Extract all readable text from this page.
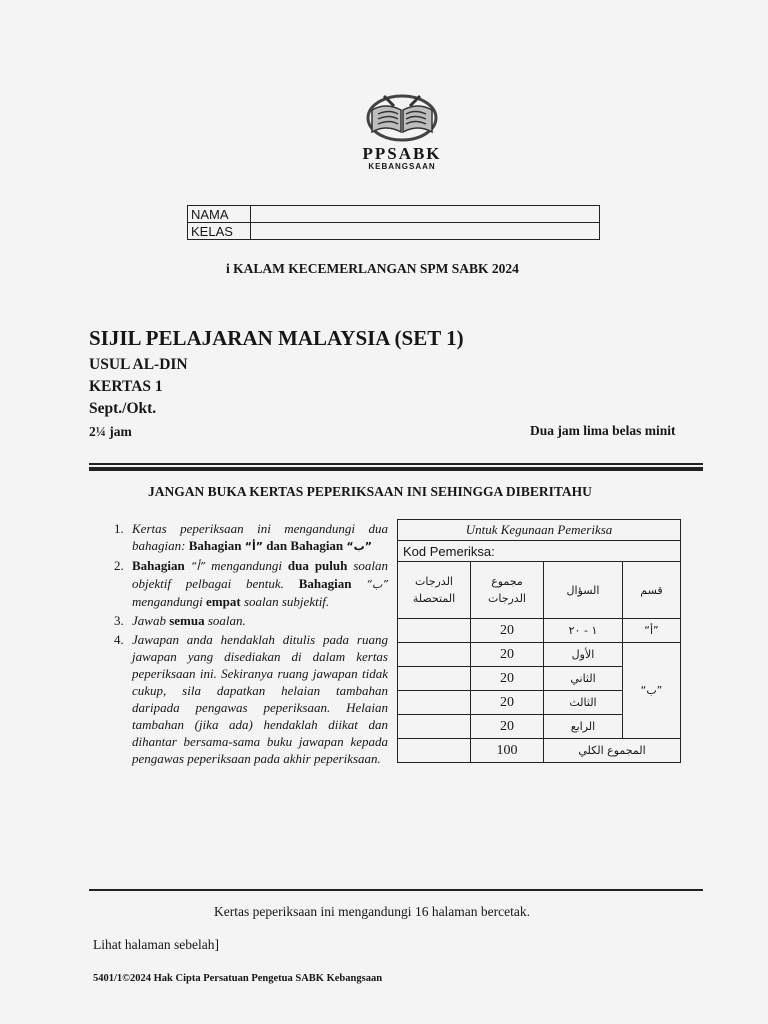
PPSABK
KEBANGSAAN
NAMA	
KELAS	
i KALAM KECEMERLANGAN SPM SABK 2024
SIJIL PELAJARAN MALAYSIA (SET 1)
USUL AL-DIN
KERTAS 1
Sept./Okt.
2¼ jam	Dua jam lima belas minit
JANGAN BUKA KERTAS PEPERIKSAAN INI SEHINGGA DIBERITAHU
1. Kertas peperiksaan ini mengandungi dua bahagian: Bahagian “أ” dan Bahagian “ب”
2. Bahagian “أ” mengandungi dua puluh soalan objektif pelbagai bentuk. Bahagian “ب” mengandungi empat soalan subjektif.
3. Jawab semua soalan.
4. Jawapan anda hendaklah ditulis pada ruang jawapan yang disediakan di dalam kertas peperiksaan ini. Sekiranya ruang jawapan tidak cukup, sila dapatkan helaian tambahan daripada pengawas peperiksaan. Helaian tambahan (jika ada) hendaklah diikat dan dihantar bersama-sama buku jawapan kepada pengawas peperiksaan pada akhir peperiksaan.
Untuk Kegunaan Pemeriksa			
Kod Pemeriksa:			
الدرجات المتحصلة	مجموع الدرجات	السؤال	قسم
	20	١ - ٢٠	“أ”
	20	الأول	“ب”
	20	الثاني	
	20	الثالث	
	20	الرابع	
	100	المجموع الكلي	
Kertas peperiksaan ini mengandungi 16 halaman bercetak.
Lihat halaman sebelah]
5401/1©2024 Hak Cipta Persatuan Pengetua SABK Kebangsaan
